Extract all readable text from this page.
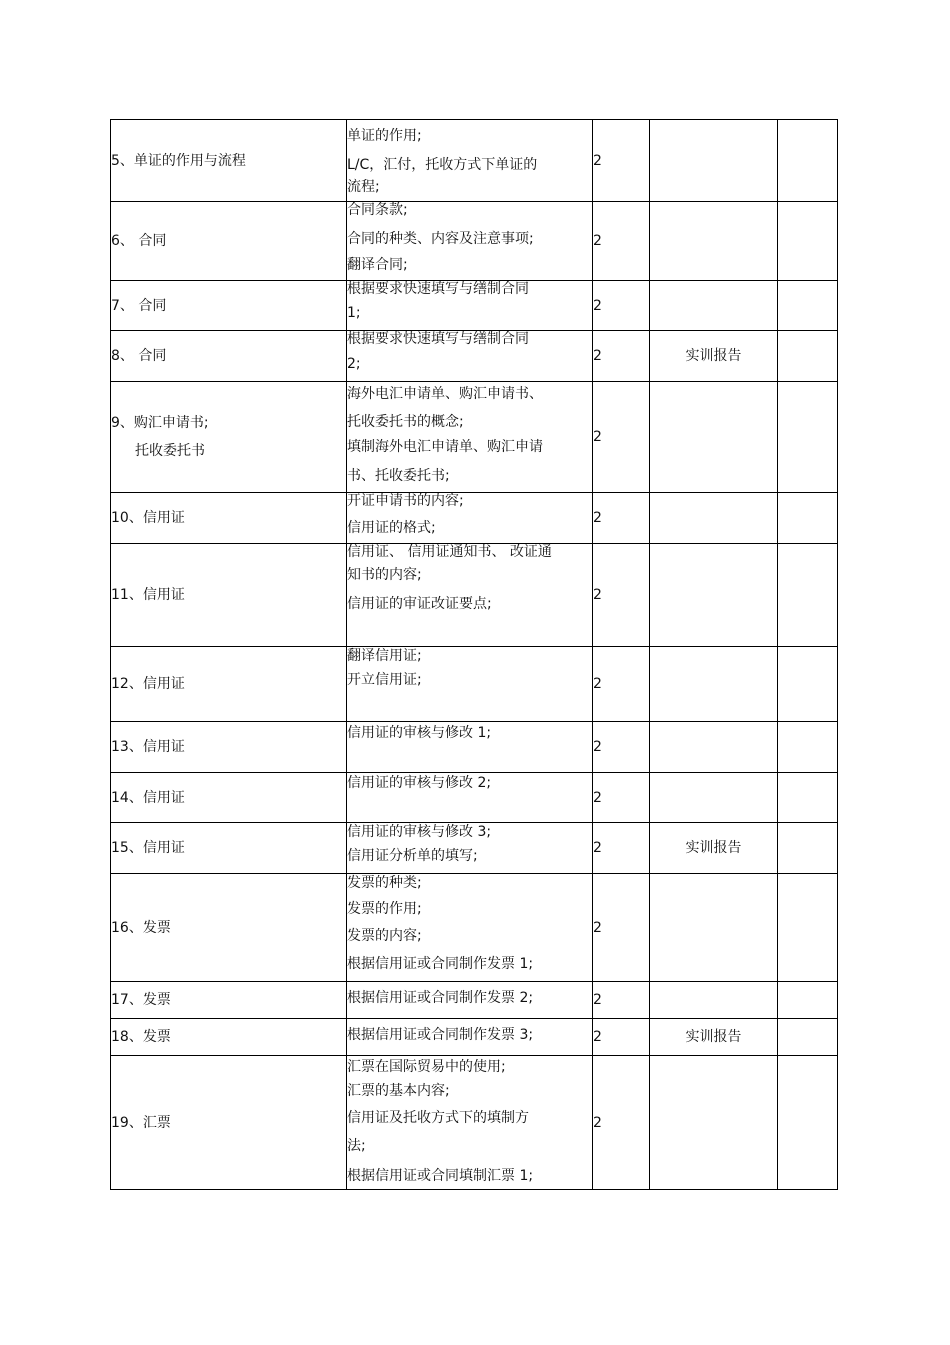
5、单证的作用与流程	单证的作用;
L/C，汇付，托收方式下单证的
流程;	2		

6、 合同	合同条款;
合同的种类、内容及注意事项;
翻译合同;	2		

7、 合同	根据要求快速填写与缮制合同
1;	2		

8、 合同	根据要求快速填写与缮制合同
2;	2	实训报告	

9、购汇申请书;
托收委托书	海外电汇申请单、购汇申请书、
托收委托书的概念;
填制海外电汇申请单、购汇申请
书、托收委托书;	2		

10、信用证	开证申请书的内容;
信用证的格式;	2		

11、信用证	信用证、 信用证通知书、 改证通
知书的内容;
信用证的审证改证要点;	2		

12、信用证	翻译信用证;
开立信用证;	2		

13、信用证	信用证的审核与修改 1;	2		

14、信用证	信用证的审核与修改 2;	2		

15、信用证	信用证的审核与修改 3;
信用证分析单的填写;	2	实训报告	

16、发票	发票的种类;
发票的作用;
发票的内容;
根据信用证或合同制作发票 1;	2		

17、发票	根据信用证或合同制作发票 2;	2		

18、发票	根据信用证或合同制作发票 3;	2	实训报告	

19、汇票	汇票在国际贸易中的使用;
汇票的基本内容;
信用证及托收方式下的填制方
法;
根据信用证或合同填制汇票 1;	2		
